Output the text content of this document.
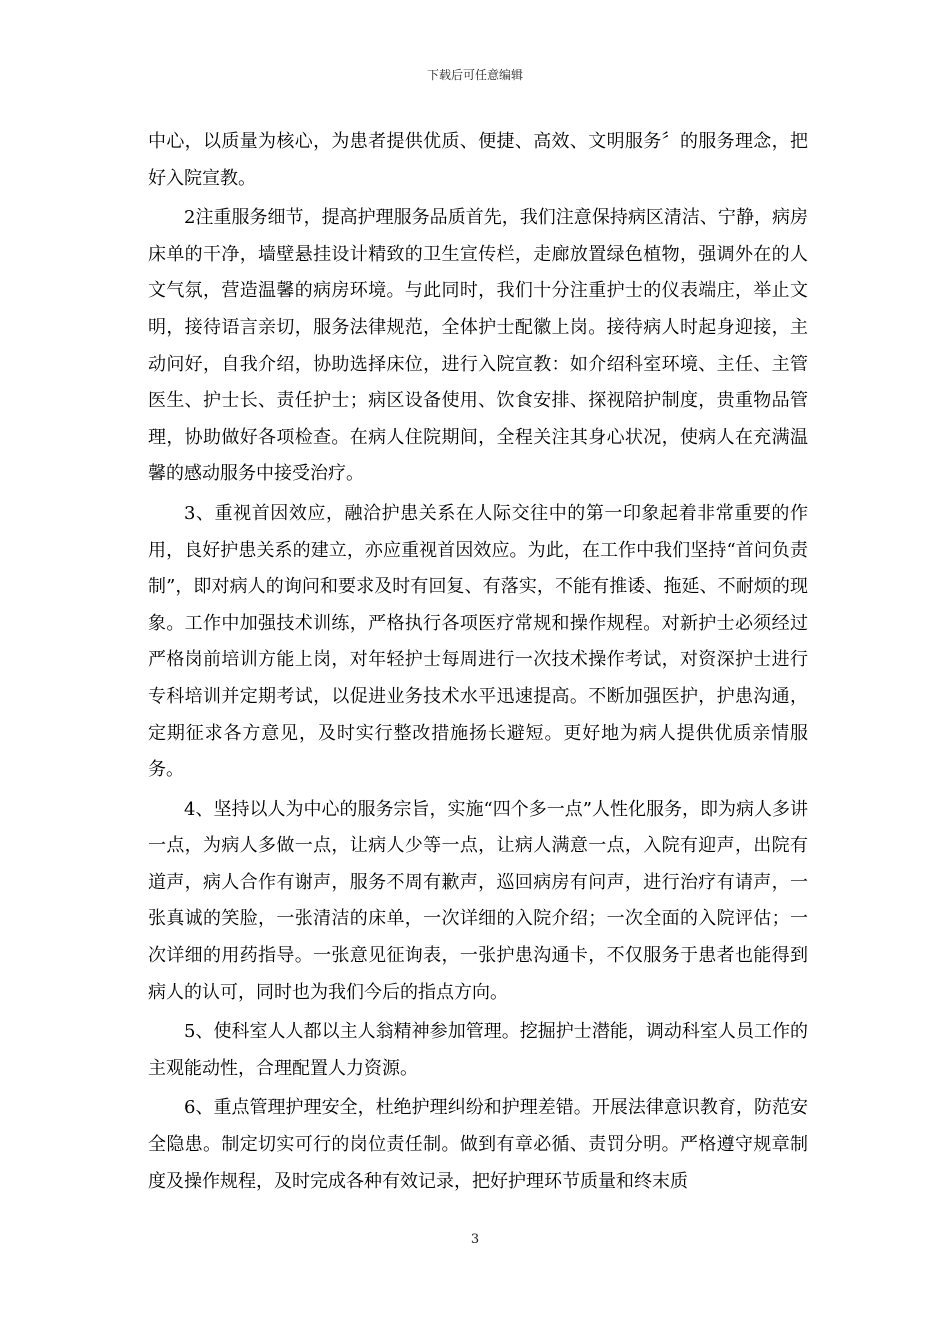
下载后可任意编辑

中心，以质量为核心，为患者提供优质、便捷、高效、文明服务〞的服务理念，把好入院宣教。

2注重服务细节，提高护理服务品质首先，我们注意保持病区清洁、宁静，病房床单的干净，墙壁悬挂设计精致的卫生宣传栏，走廊放置绿色植物，强调外在的人文气氛，营造温馨的病房环境。与此同时，我们十分注重护士的仪表端庄，举止文明，接待语言亲切，服务法律规范，全体护士配徽上岗。接待病人时起身迎接，主动问好，自我介绍，协助选择床位，进行入院宣教：如介绍科室环境、主任、主管医生、护士长、责任护士；病区设备使用、饮食安排、探视陪护制度，贵重物品管理，协助做好各项检查。在病人住院期间，全程关注其身心状况，使病人在充满温馨的感动服务中接受治疗。

3、重视首因效应，融洽护患关系在人际交往中的第一印象起着非常重要的作用，良好护患关系的建立，亦应重视首因效应。为此，在工作中我们坚持“首问负责制”，即对病人的询问和要求及时有回复、有落实，不能有推诿、拖延、不耐烦的现象。工作中加强技术训练，严格执行各项医疗常规和操作规程。对新护士必须经过严格岗前培训方能上岗，对年轻护士每周进行一次技术操作考试，对资深护士进行专科培训并定期考试，以促进业务技术水平迅速提高。不断加强医护，护患沟通，定期征求各方意见，及时实行整改措施扬长避短。更好地为病人提供优质亲情服务。

4、坚持以人为中心的服务宗旨，实施“四个多一点”人性化服务，即为病人多讲一点，为病人多做一点，让病人少等一点，让病人满意一点，入院有迎声，出院有道声，病人合作有谢声，服务不周有歉声，巡回病房有问声，进行治疗有请声，一张真诚的笑脸，一张清洁的床单，一次详细的入院介绍；一次全面的入院评估；一次详细的用药指导。一张意见征询表，一张护患沟通卡，不仅服务于患者也能得到病人的认可，同时也为我们今后的指点方向。

5、使科室人人都以主人翁精神参加管理。挖掘护士潜能，调动科室人员工作的主观能动性，合理配置人力资源。

6、重点管理护理安全，杜绝护理纠纷和护理差错。开展法律意识教育，防范安全隐患。制定切实可行的岗位责任制。做到有章必循、责罚分明。严格遵守规章制度及操作规程，及时完成各种有效记录，把好护理环节质量和终末质

3
